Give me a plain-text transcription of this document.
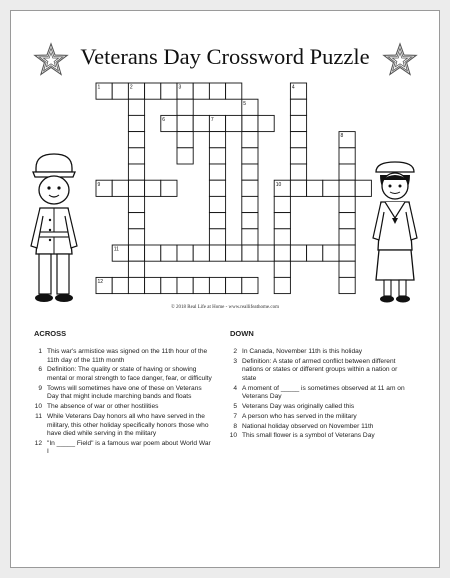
Veterans Day Crossword Puzzle
1	2	3	4
5
6	7
8
9	10
11
12
© 2018 Real Life at Home - www.reallifeathome.com
ACROSS	DOWN
1 This war's armistice was signed on the 11th hour of the 11th day of the 11th month
6 Definition: The quality or state of having or showing mental or moral strength to face danger, fear, or difficulty
9 Towns will sometimes have one of these on Veterans Day that might include marching bands and floats
10 The absence of war or other hostilities
11 While Veterans Day honors all who have served in the military, this other holiday specifically honors those who have died while serving in the military
12 "In _____ Field" is a famous war poem about World War I
2 In Canada, November 11th is this holiday
3 Definition: A state of armed conflict between different nations or states or different groups within a nation or state
4 A moment of _____ is sometimes observed at 11 am on Veterans Day
5 Veterans Day was originally called this
7 A person who has served in the military
8 National holiday observed on November 11th
10 This small flower is a symbol of Veterans Day
